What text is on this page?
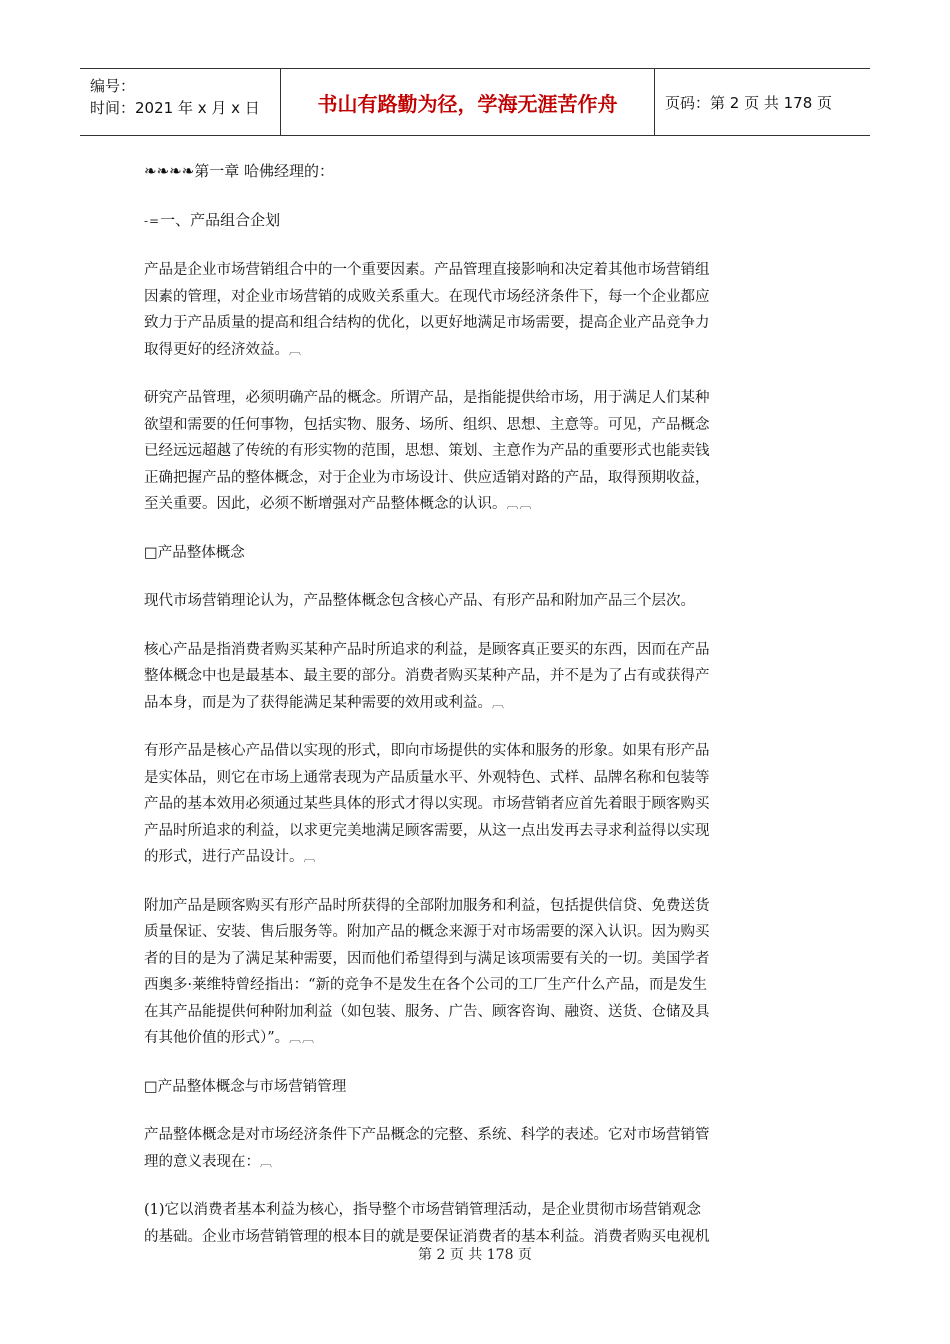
编号：
时间：2021 年 x 月 x 日	书山有路勤为径，学海无涯苦作舟	页码：第 2 页 共 178 页
❧❧❧❧第一章 哈佛经理的：
-=一、产品组合企划

产品是企业市场营销组合中的一个重要因素。产品管理直接影响和决定着其他市场营销组

因素的管理，对企业市场营销的成败关系重大。在现代市场经济条件下，每一个企业都应

致力于产品质量的提高和组合结构的优化，以更好地满足市场需要，提高企业产品竞争力

取得更好的经济效益。︹

研究产品管理，必须明确产品的概念。所谓产品，是指能提供给市场，用于满足人们某种

欲望和需要的任何事物，包括实物、服务、场所、组织、思想、主意等。可见，产品概念

已经远远超越了传统的有形实物的范围，思想、策划、主意作为产品的重要形式也能卖钱

正确把握产品的整体概念，对于企业为市场设计、供应适销对路的产品，取得预期收益，

至关重要。因此，必须不断增强对产品整体概念的认识。︹︹

□产品整体概念

现代市场营销理论认为，产品整体概念包含核心产品、有形产品和附加产品三个层次。

核心产品是指消费者购买某种产品时所追求的利益，是顾客真正要买的东西，因而在产品

整体概念中也是最基本、最主要的部分。消费者购买某种产品，并不是为了占有或获得产

品本身，而是为了获得能满足某种需要的效用或利益。︹

有形产品是核心产品借以实现的形式，即向市场提供的实体和服务的形象。如果有形产品

是实体品，则它在市场上通常表现为产品质量水平、外观特色、式样、品牌名称和包装等

产品的基本效用必须通过某些具体的形式才得以实现。市场营销者应首先着眼于顾客购买

产品时所追求的利益，以求更完美地满足顾客需要，从这一点出发再去寻求利益得以实现

的形式，进行产品设计。︹

附加产品是顾客购买有形产品时所获得的全部附加服务和利益，包括提供信贷、免费送货

质量保证、安装、售后服务等。附加产品的概念来源于对市场需要的深入认识。因为购买

者的目的是为了满足某种需要，因而他们希望得到与满足该项需要有关的一切。美国学者

西奥多·莱维特曾经指出：“新的竞争不是发生在各个公司的工厂生产什么产品，而是发生

在其产品能提供何种附加利益（如包装、服务、广告、顾客咨询、融资、送货、仓储及具

有其他价值的形式）”。︹︹

□产品整体概念与市场营销管理

产品整体概念是对市场经济条件下产品概念的完整、系统、科学的表述。它对市场营销管

理的意义表现在：︹

(1)它以消费者基本利益为核心，指导整个市场营销管理活动，是企业贯彻市场营销观念

的基础。企业市场营销管理的根本目的就是要保证消费者的基本利益。消费者购买电视机

第 2 页 共 178 页
